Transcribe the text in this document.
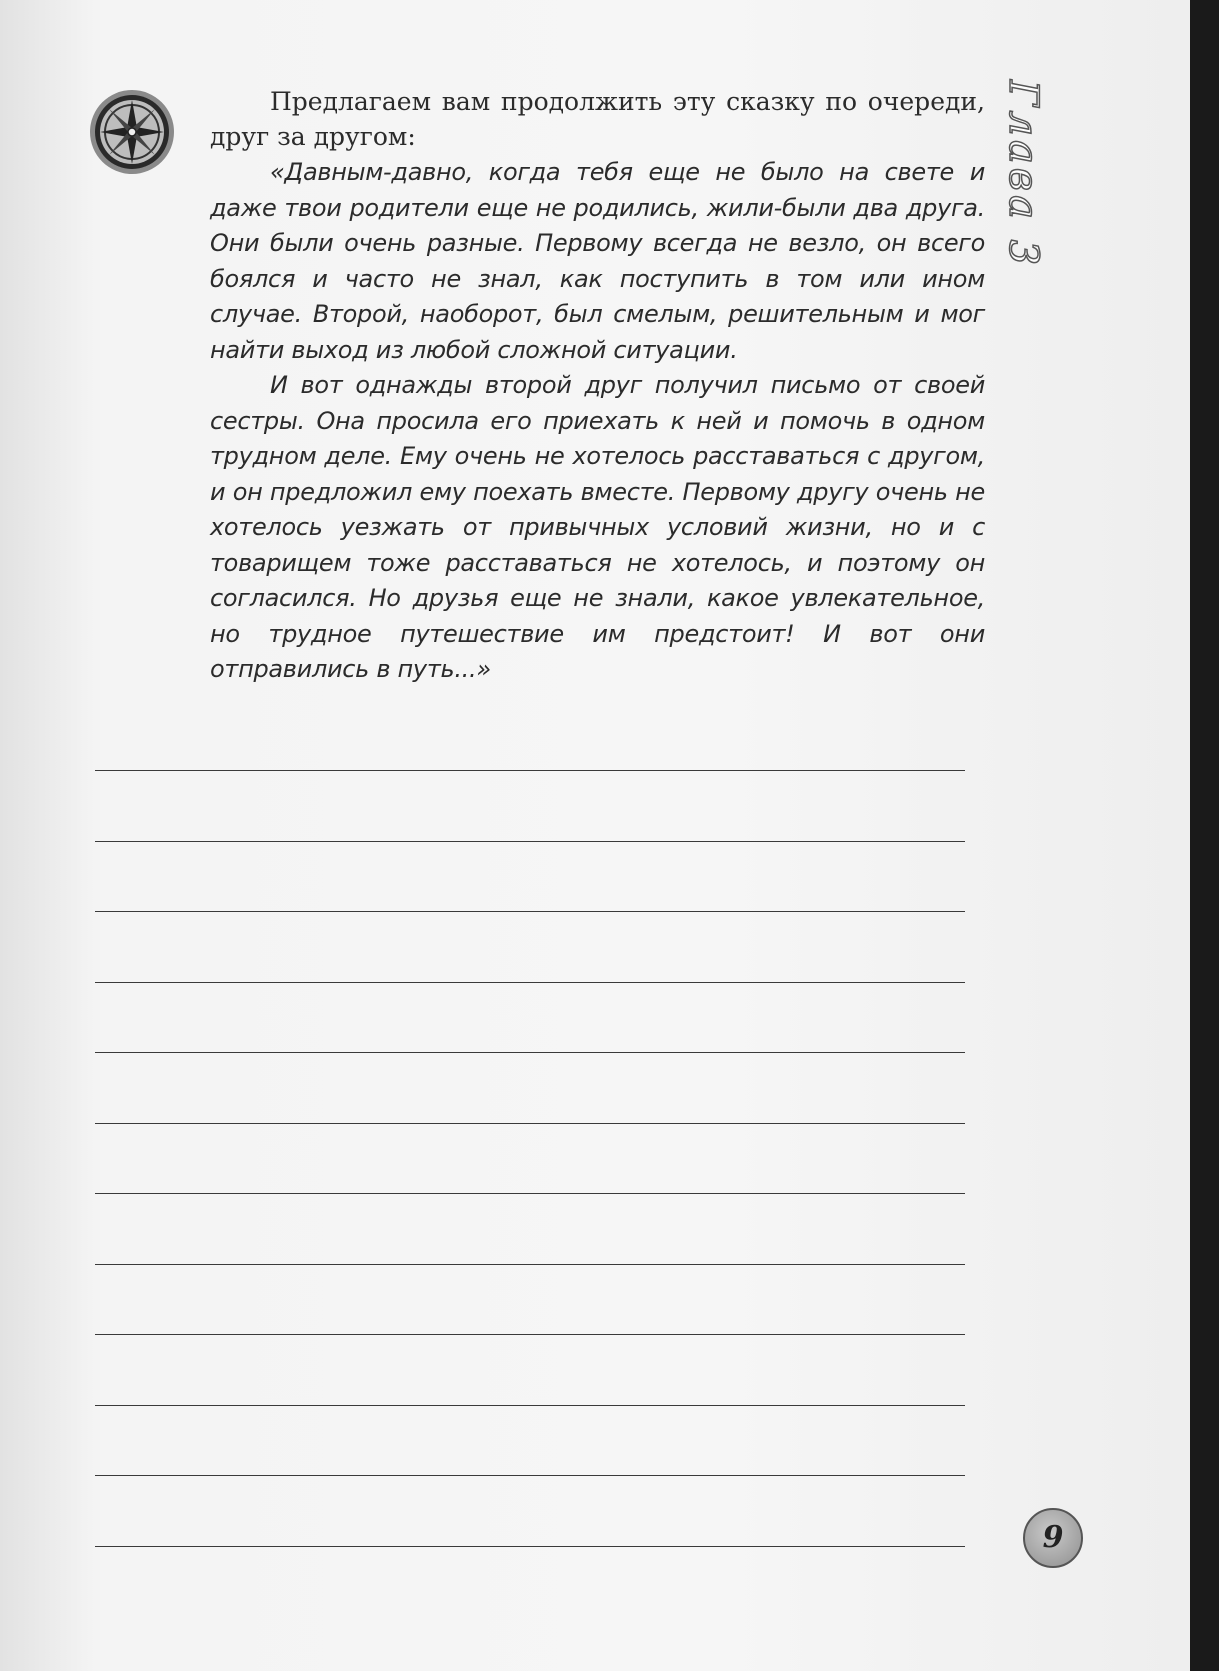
Предлагаем вам продолжить эту сказку по очереди, друг за другом:

«Давным-давно, когда тебя еще не было на свете и даже твои родители еще не родились, жили-были два друга. Они были очень разные. Первому всегда не везло, он всего боялся и часто не знал, как поступить в том или ином случае. Второй, наоборот, был смелым, решительным и мог найти выход из любой сложной ситуации.

И вот однажды второй друг получил письмо от своей сестры. Она просила его приехать к ней и помочь в одном трудном деле. Ему очень не хотелось расставаться с другом, и он предложил ему поехать вместе. Первому другу очень не хотелось уезжать от привычных условий жизни, но и с товарищем тоже расставаться не хотелось, и поэтому он согласился. Но друзья еще не знали, какое увлекательное, но трудное путешествие им предстоит! И вот они отправились в путь...»

Глава 3
9
